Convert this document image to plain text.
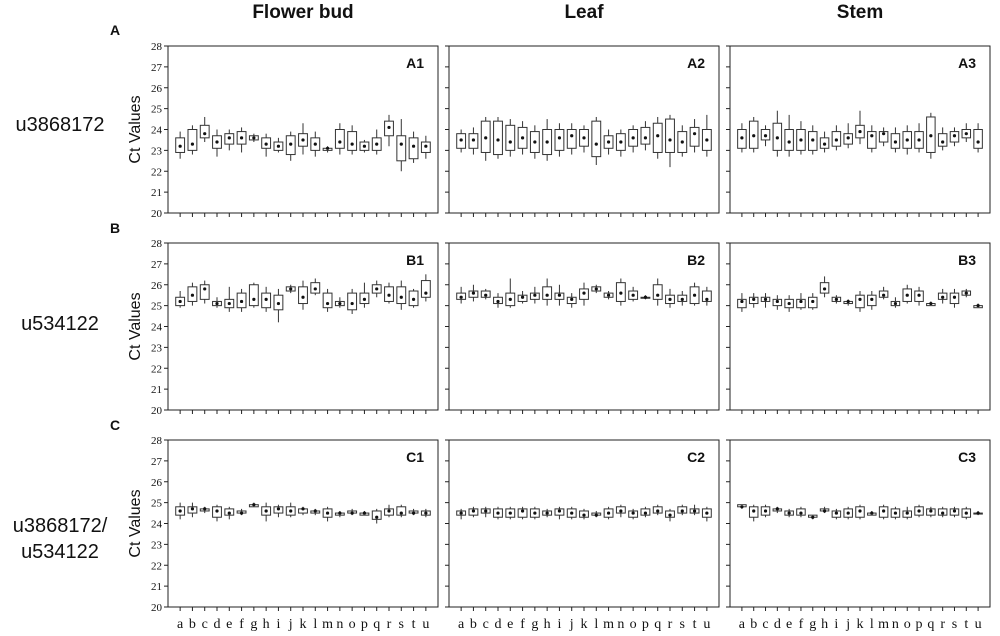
Flower bud	Leaf	Stem
A
u3868172 Ct Values
B
u534122 Ct Values
C
u3868172/
u534122 Ct Values
A1
20
21
22
23
24
25
26
27
28
A2	A3
B1
20
21
22
23
24
25
26
27
28
B2	B3
C1
20
21
22
23
24
25
26
27
28
a b c d e f g h i j k l m n o p q r s t u
C2
a b c d e f g h i j k l m n o p q r s t u
C3
a b c d e f g h i j k l m n o p q r s t u
